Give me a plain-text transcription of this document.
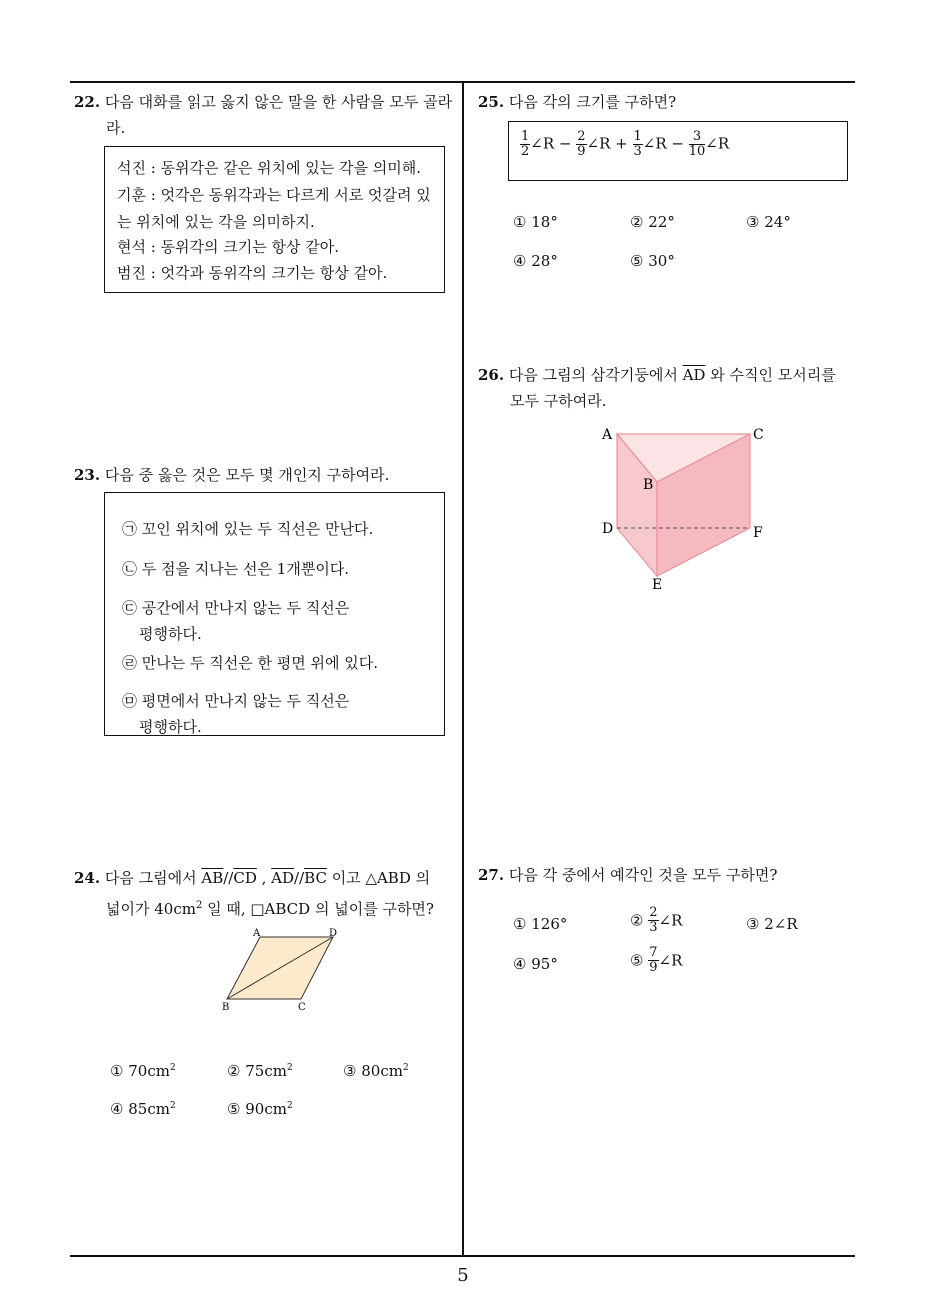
22. 다음 대화를 읽고 옳지 않은 말을 한 사람을 모두 골라
라.
석진 : 동위각은 같은 위치에 있는 각을 의미해.
기훈 : 엇각은 동위각과는 다르게 서로 엇갈려 있
는 위치에 있는 각을 의미하지.
현석 : 동위각의 크기는 항상 같아.
범진 : 엇각과 동위각의 크기는 항상 같아.
23. 다음 중 옳은 것은 모두 몇 개인지 구하여라.
㉠ 꼬인 위치에 있는 두 직선은 만난다.
㉡ 두 점을 지나는 선은 1개뿐이다.
㉢ 공간에서 만나지 않는 두 직선은
평행하다.
㉣ 만나는 두 직선은 한 평면 위에 있다.
㉤ 평면에서 만나지 않는 두 직선은
평행하다.
24. 다음 그림에서 $\overline{AB}//\overline{CD}$ , $\overline{AD}//\overline{BC}$ 이고 △ABD 의
넓이가 $40cm^2$ 일 때, □ABCD 의 넓이를 구하면?
A	D
B	C
① $70cm^2$	② $75cm^2$	③ $80cm^2$
④ $85cm^2$	⑤ $90cm^2$
25. 다음 각의 크기를 구하면?
$\frac{1}{2}$ ∠R − $\frac{2}{9}$ ∠R + $\frac{1}{3}$ ∠R − $\frac{3}{10}$ ∠R
① 18°	② 22°	③ 24°
④ 28°	⑤ 30°
26. 다음 그림의 삼각기둥에서 $\overline{AD}$ 와 수직인 모서리를
모두 구하여라.
A	C
B
D	F
E
27. 다음 각 중에서 예각인 것을 모두 구하면?
① 126°	② $\frac{2}{3}$ ∠R	③ 2∠R
④ 95°	⑤ $\frac{7}{9}$ ∠R
5
